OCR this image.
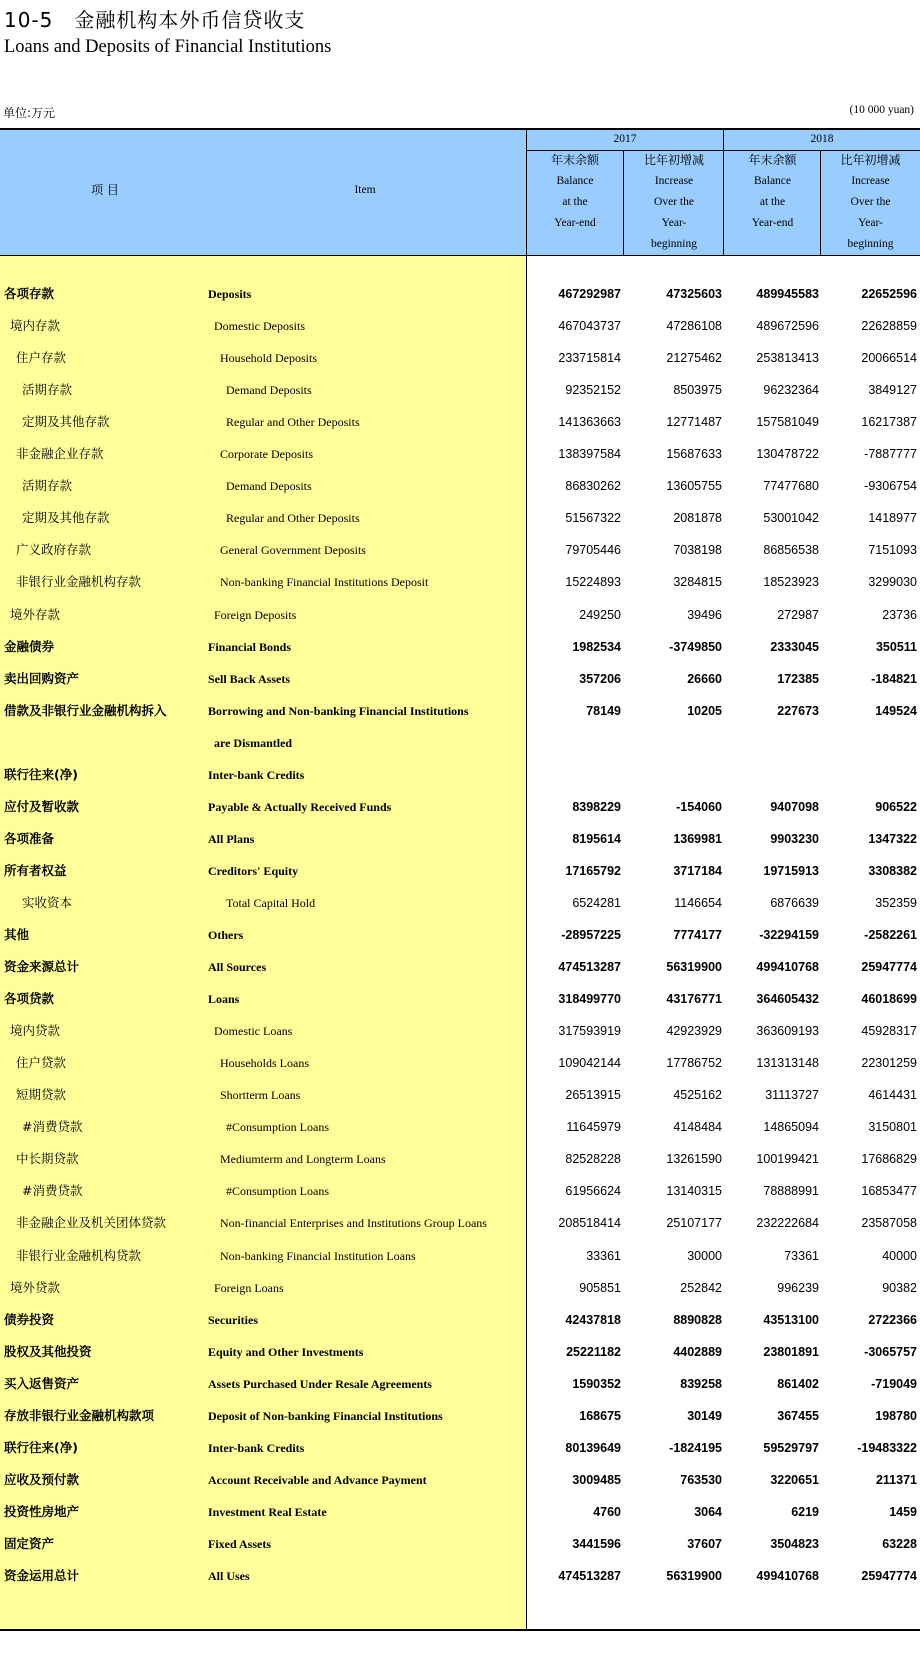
10-5　金融机构本外币信贷收支
Loans and Deposits of Financial Institutions
单位:万元	(10 000 yuan)
项 目	Item
2017	2018
年末余额
Balance
at the
Year-end
比年初增减
Increase
Over the
Year-
beginning
年末余额
Balance
at the
Year-end
比年初增减
Increase
Over the
Year-
beginning
各项存款	Deposits	467292987	47325603	489945583	22652596
境内存款	Domestic Deposits	467043737	47286108	489672596	22628859
住户存款	Household Deposits	233715814	21275462	253813413	20066514
活期存款	Demand Deposits	92352152	8503975	96232364	3849127
定期及其他存款	Regular and Other Deposits	141363663	12771487	157581049	16217387
非金融企业存款	Corporate Deposits	138397584	15687633	130478722	-7887777
活期存款	Demand Deposits	86830262	13605755	77477680	-9306754
定期及其他存款	Regular and Other Deposits	51567322	2081878	53001042	1418977
广义政府存款	General Government Deposits	79705446	7038198	86856538	7151093
非银行业金融机构存款	Non-banking Financial Institutions Deposit	15224893	3284815	18523923	3299030
境外存款	Foreign Deposits	249250	39496	272987	23736
金融债券	Financial Bonds	1982534	-3749850	2333045	350511
卖出回购资产	Sell Back Assets	357206	26660	172385	-184821
借款及非银行业金融机构拆入	Borrowing and Non-banking Financial Institutions	78149	10205	227673	149524
are Dismantled
联行往来(净)	Inter-bank Credits
应付及暂收款	Payable & Actually Received Funds	8398229	-154060	9407098	906522
各项准备	All Plans	8195614	1369981	9903230	1347322
所有者权益	Creditors' Equity	17165792	3717184	19715913	3308382
实收资本	Total Capital Hold	6524281	1146654	6876639	352359
其他	Others	-28957225	7774177	-32294159	-2582261
资金来源总计	All Sources	474513287	56319900	499410768	25947774
各项贷款	Loans	318499770	43176771	364605432	46018699
境内贷款	Domestic Loans	317593919	42923929	363609193	45928317
住户贷款	Households Loans	109042144	17786752	131313148	22301259
短期贷款	Shortterm Loans	26513915	4525162	31113727	4614431
#消费贷款	#Consumption Loans	11645979	4148484	14865094	3150801
中长期贷款	Mediumterm and Longterm Loans	82528228	13261590	100199421	17686829
#消费贷款	#Consumption Loans	61956624	13140315	78888991	16853477
非金融企业及机关团体贷款	Non-financial Enterprises and Institutions Group Loans	208518414	25107177	232222684	23587058
非银行业金融机构贷款	Non-banking Financial Institution Loans	33361	30000	73361	40000
境外贷款	Foreign Loans	905851	252842	996239	90382
债券投资	Securities	42437818	8890828	43513100	2722366
股权及其他投资	Equity and Other Investments	25221182	4402889	23801891	-3065757
买入返售资产	Assets Purchased Under Resale Agreements	1590352	839258	861402	-719049
存放非银行业金融机构款项	Deposit of Non-banking Financial Institutions	168675	30149	367455	198780
联行往来(净)	Inter-bank Credits	80139649	-1824195	59529797	-19483322
应收及预付款	Account Receivable and Advance Payment	3009485	763530	3220651	211371
投资性房地产	Investment Real Estate	4760	3064	6219	1459
固定资产	Fixed Assets	3441596	37607	3504823	63228
资金运用总计	All Uses	474513287	56319900	499410768	25947774
